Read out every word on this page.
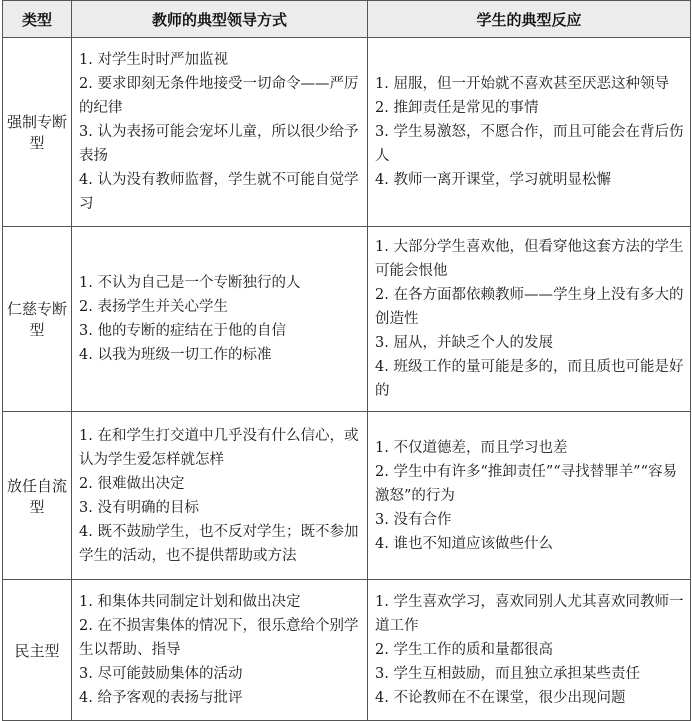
类型	教师的典型领导方式	学生的典型反应
强制专断型	1. 对学生时时严加监视
2. 要求即刻无条件地接受一切命令——严厉的纪律
3. 认为表扬可能会宠坏儿童，所以很少给予表扬
4. 认为没有教师监督，学生就不可能自觉学习	1. 屈服，但一开始就不喜欢甚至厌恶这种领导
2. 推卸责任是常见的事情
3. 学生易激怒，不愿合作，而且可能会在背后伤人
4. 教师一离开课堂，学习就明显松懈

仁慈专断型	1. 不认为自己是一个专断独行的人
2. 表扬学生并关心学生
3. 他的专断的症结在于他的自信
4. 以我为班级一切工作的标准	1. 大部分学生喜欢他，但看穿他这套方法的学生可能会恨他
2. 在各方面都依赖教师——学生身上没有多大的创造性
3. 屈从，并缺乏个人的发展
4. 班级工作的量可能是多的，而且质也可能是好的

放任自流型	1. 在和学生打交道中几乎没有什么信心，或认为学生爱怎样就怎样
2. 很难做出决定
3. 没有明确的目标
4. 既不鼓励学生，也不反对学生；既不参加学生的活动，也不提供帮助或方法	1. 不仅道德差，而且学习也差
2. 学生中有许多“推卸责任”“寻找替罪羊”“容易激怒”的行为
3. 没有合作
4. 谁也不知道应该做些什么

民主型	1. 和集体共同制定计划和做出决定
2. 在不损害集体的情况下，很乐意给个别学生以帮助、指导
3. 尽可能鼓励集体的活动
4. 给予客观的表扬与批评	1. 学生喜欢学习，喜欢同别人尤其喜欢同教师一道工作
2. 学生工作的质和量都很高
3. 学生互相鼓励，而且独立承担某些责任
4. 不论教师在不在课堂，很少出现问题
